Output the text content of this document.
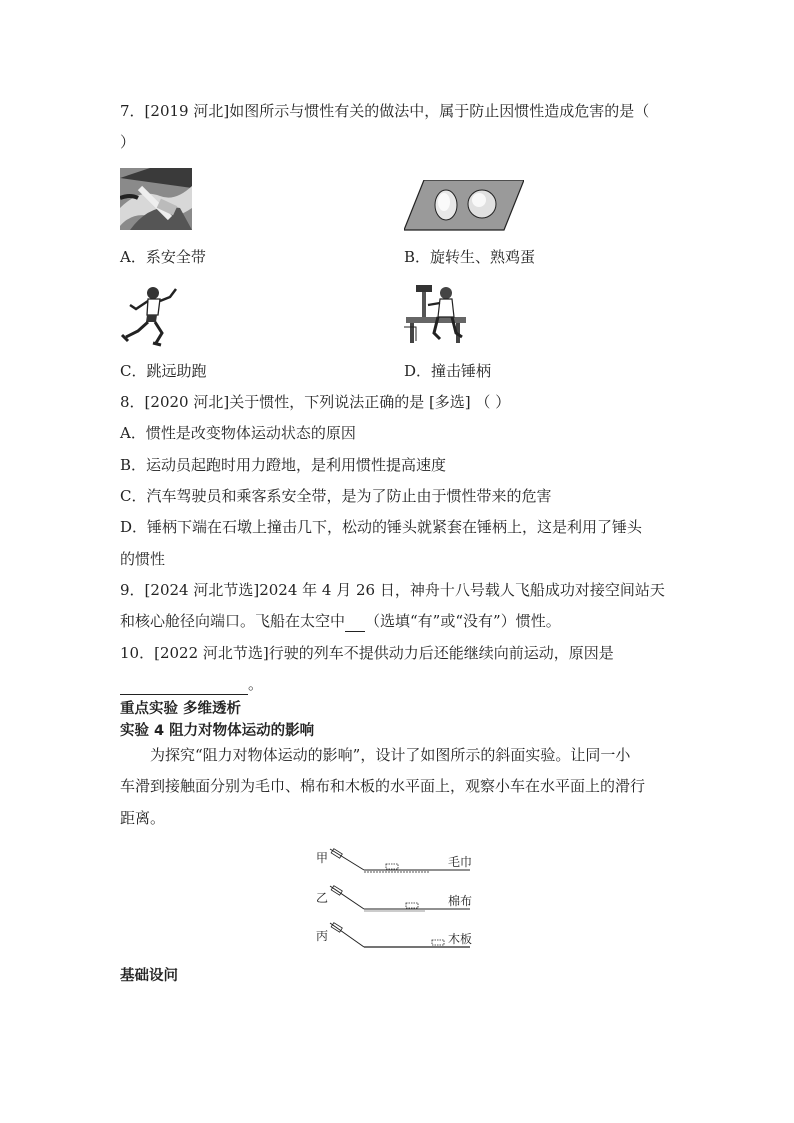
7．[2019 河北]如图所示与惯性有关的做法中，属于防止因惯性造成危害的是（
）
A．系安全带	B．旋转生、熟鸡蛋
C．跳远助跑	D．撞击锤柄
8．[2020 河北]关于惯性，下列说法正确的是 [多选] （ ）
A．惯性是改变物体运动状态的原因
B．运动员起跑时用力蹬地，是利用惯性提高速度
C．汽车驾驶员和乘客系安全带，是为了防止由于惯性带来的危害
D．锤柄下端在石墩上撞击几下，松动的锤头就紧套在锤柄上，这是利用了锤头
的惯性
9．[2024 河北节选]2024 年 4 月 26 日，神舟十八号载人飞船成功对接空间站天
和核心舱径向端口。飞船在太空中 （选填“有”或“没有”）惯性。
10．[2022 河北节选]行驶的列车不提供动力后还能继续向前运动，原因是
。
重点实验 多维透析
实验 4 阻力对物体运动的影响
为探究“阻力对物体运动的影响”，设计了如图所示的斜面实验。让同一小
车滑到接触面分别为毛巾、棉布和木板的水平面上，观察小车在水平面上的滑行
距离。
甲	毛巾
乙	棉布
丙	木板
基础设问
